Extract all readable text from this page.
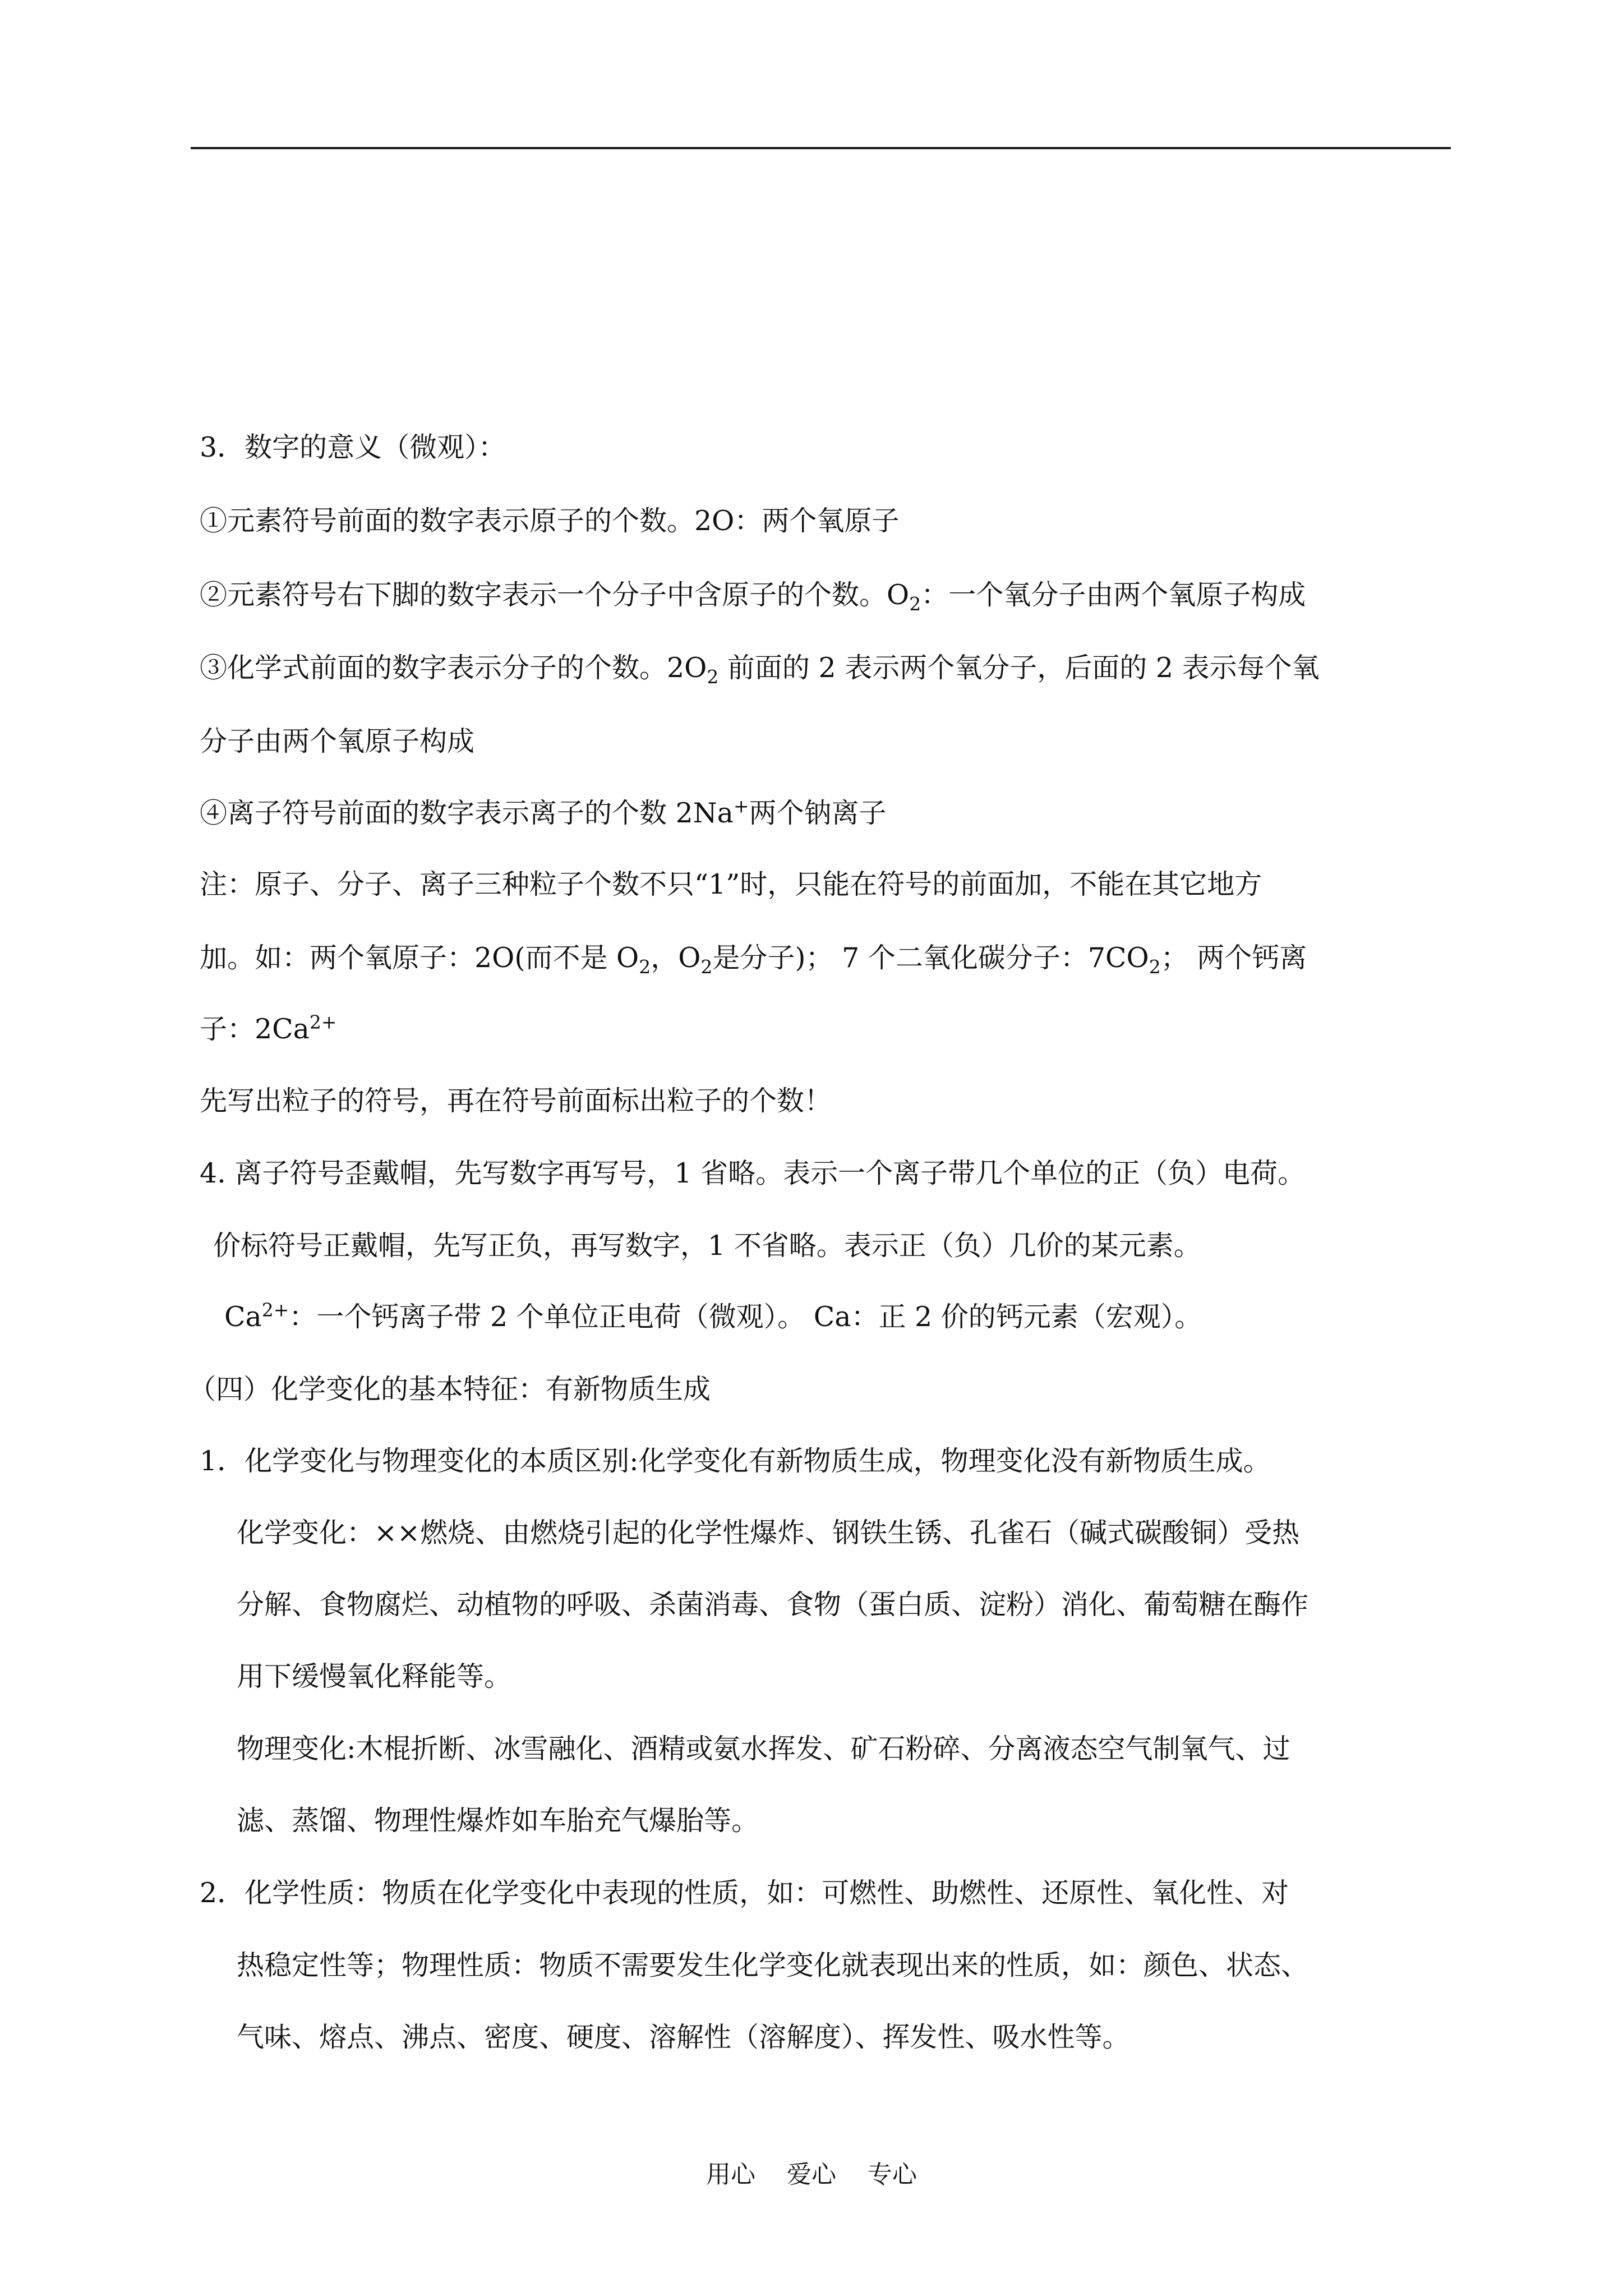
3．数字的意义（微观）：
①元素符号前面的数字表示原子的个数。2O：两个氧原子
②元素符号右下脚的数字表示一个分子中含原子的个数。$O_2$：一个氧分子由两个氧原子构成
③化学式前面的数字表示分子的个数。$2O_2$ 前面的 2 表示两个氧分子，后面的 2 表示每个氧
分子由两个氧原子构成
④离子符号前面的数字表示离子的个数 2Na+两个钠离子
注：原子、分子、离子三种粒子个数不只“1”时，只能在符号的前面加，不能在其它地方
加。如：两个氧原子：2O(而不是 $O_2$，$O_2$是分子)； 7 个二氧化碳分子：$7CO_2$； 两个钙离
子：$2Ca^{2+}$
先写出粒子的符号，再在符号前面标出粒子的个数！
4. 离子符号歪戴帽，先写数字再写号，1 省略。表示一个离子带几个单位的正（负）电荷。
价标符号正戴帽，先写正负，再写数字，1 不省略。表示正（负）几价的某元素。
$Ca^{2+}$：一个钙离子带 2 个单位正电荷（微观）。 Ca：正 2 价的钙元素（宏观）。
（四）化学变化的基本特征：有新物质生成
1．化学变化与物理变化的本质区别:化学变化有新物质生成，物理变化没有新物质生成。
化学变化：××燃烧、由燃烧引起的化学性爆炸、钢铁生锈、孔雀石（碱式碳酸铜）受热
分解、食物腐烂、动植物的呼吸、杀菌消毒、食物（蛋白质、淀粉）消化、葡萄糖在酶作
用下缓慢氧化释能等。
物理变化:木棍折断、冰雪融化、酒精或氨水挥发、矿石粉碎、分离液态空气制氧气、过
滤、蒸馏、物理性爆炸如车胎充气爆胎等。
2．化学性质：物质在化学变化中表现的性质，如：可燃性、助燃性、还原性、氧化性、对
热稳定性等；物理性质：物质不需要发生化学变化就表现出来的性质，如：颜色、状态、
气味、熔点、沸点、密度、硬度、溶解性（溶解度）、挥发性、吸水性等。
用心    爱心    专心
